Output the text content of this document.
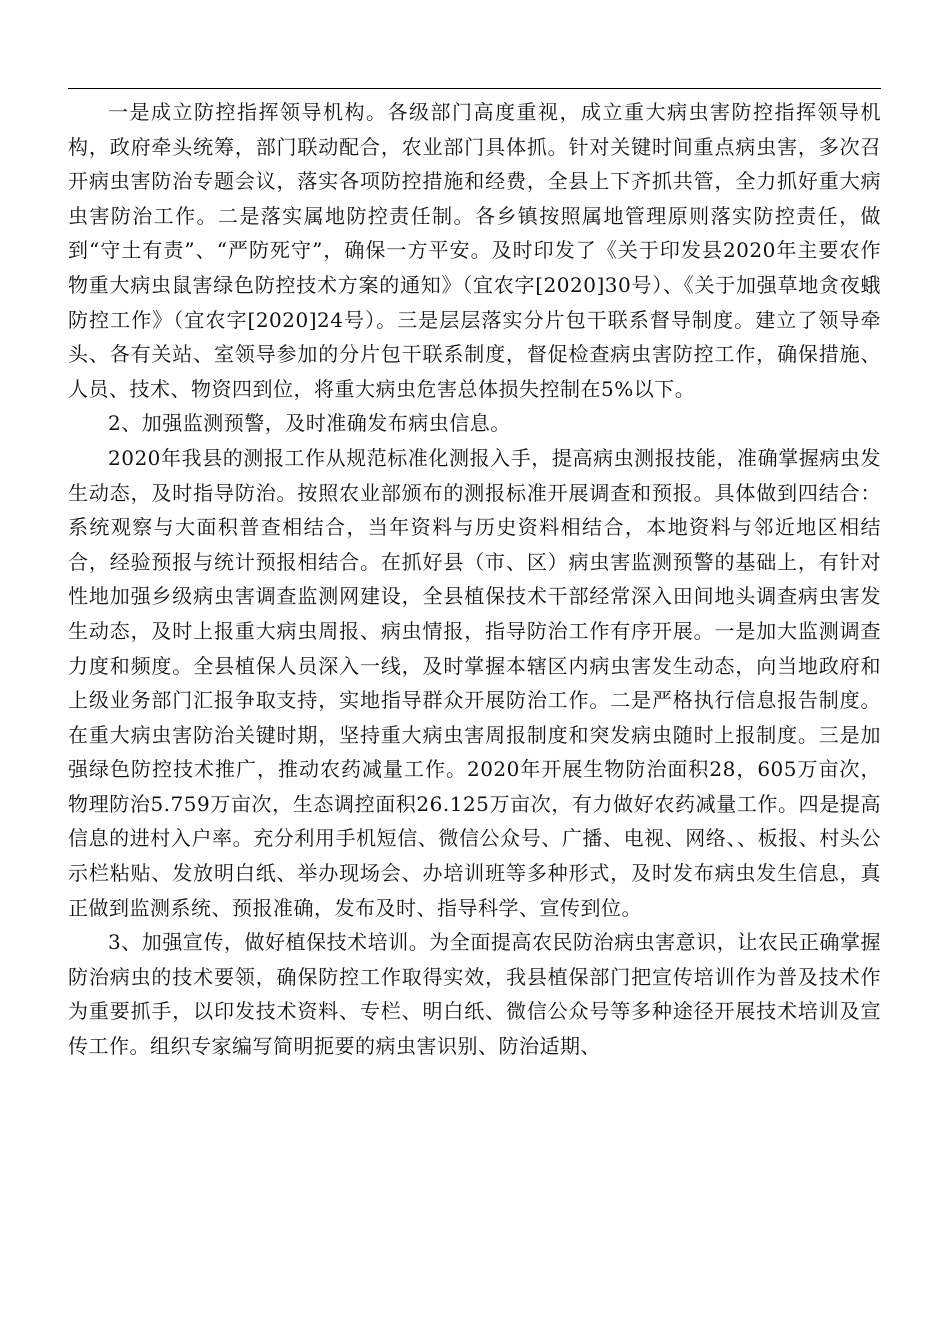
一是成立防控指挥领导机构。各级部门高度重视，成立重大病虫害防控指挥领导机构，政府牵头统筹，部门联动配合，农业部门具体抓。针对关键时间重点病虫害，多次召开病虫害防治专题会议，落实各项防控措施和经费，全县上下齐抓共管，全力抓好重大病虫害防治工作。二是落实属地防控责任制。各乡镇按照属地管理原则落实防控责任，做到“守土有责”、“严防死守”，确保一方平安。及时印发了《关于印发县2020年主要农作物重大病虫鼠害绿色防控技术方案的通知》（宜农字[2020]30号）、《关于加强草地贪夜蛾防控工作》（宜农字[2020]24号）。三是层层落实分片包干联系督导制度。建立了领导牵头、各有关站、室领导参加的分片包干联系制度，督促检查病虫害防控工作，确保措施、人员、技术、物资四到位，将重大病虫危害总体损失控制在5%以下。

2、加强监测预警，及时准确发布病虫信息。

2020年我县的测报工作从规范标准化测报入手，提高病虫测报技能，准确掌握病虫发生动态，及时指导防治。按照农业部颁布的测报标准开展调查和预报。具体做到四结合：系统观察与大面积普查相结合，当年资料与历史资料相结合，本地资料与邻近地区相结合，经验预报与统计预报相结合。在抓好县（市、区）病虫害监测预警的基础上，有针对性地加强乡级病虫害调查监测网建设，全县植保技术干部经常深入田间地头调查病虫害发生动态，及时上报重大病虫周报、病虫情报，指导防治工作有序开展。一是加大监测调查力度和频度。全县植保人员深入一线，及时掌握本辖区内病虫害发生动态，向当地政府和上级业务部门汇报争取支持，实地指导群众开展防治工作。二是严格执行信息报告制度。在重大病虫害防治关键时期，坚持重大病虫害周报制度和突发病虫随时上报制度。三是加强绿色防控技术推广，推动农药减量工作。2020年开展生物防治面积28，605万亩次，物理防治5.759万亩次，生态调控面积26.125万亩次，有力做好农药减量工作。四是提高信息的进村入户率。充分利用手机短信、微信公众号、广播、电视、网络、、板报、村头公示栏粘贴、发放明白纸、举办现场会、办培训班等多种形式，及时发布病虫发生信息，真正做到监测系统、预报准确，发布及时、指导科学、宣传到位。

3、加强宣传，做好植保技术培训。为全面提高农民防治病虫害意识，让农民正确掌握防治病虫的技术要领，确保防控工作取得实效，我县植保部门把宣传培训作为普及技术作为重要抓手，以印发技术资料、专栏、明白纸、微信公众号等多种途径开展技术培训及宣传工作。组织专家编写简明扼要的病虫害识别、防治适期、
